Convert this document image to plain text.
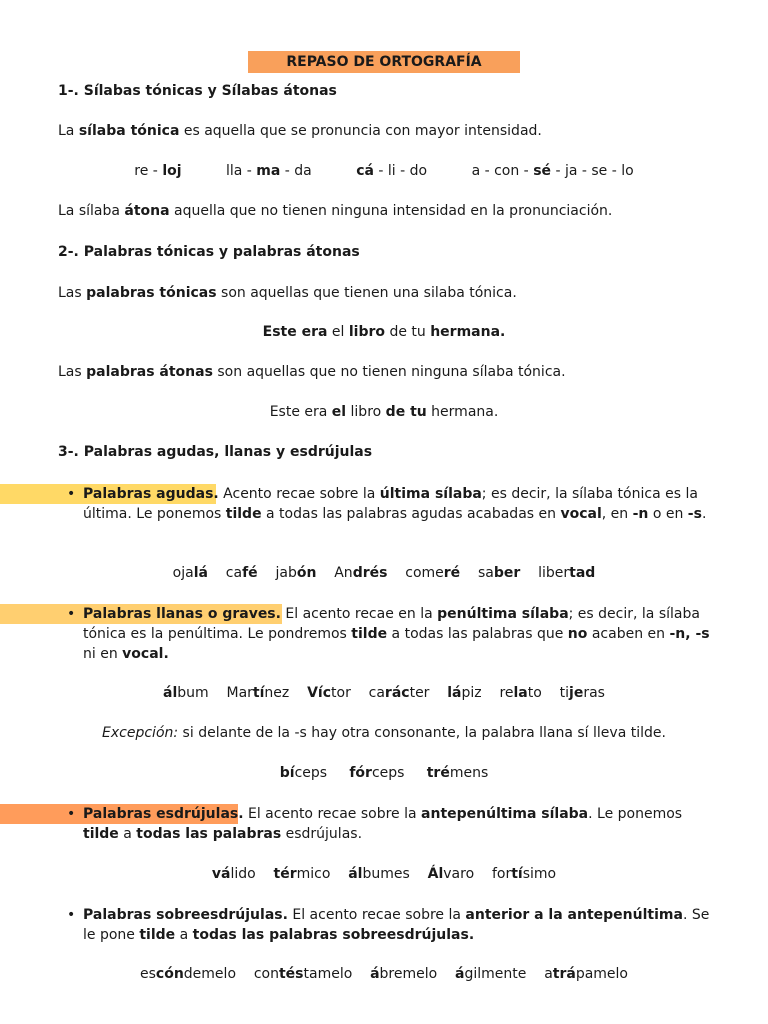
REPASO DE ORTOGRAFÍA
1-. Sílabas tónicas y Sílabas átonas
La sílaba tónica es aquella que se pronuncia con mayor intensidad.
re - loj	lla - ma - da	cá - li - do	a - con - sé - ja - se - lo
La sílaba átona aquella que no tienen ninguna intensidad en la pronunciación.
2-. Palabras tónicas y palabras átonas
Las palabras tónicas son aquellas que tienen una silaba tónica.
Este era el libro de tu hermana.
Las palabras átonas son aquellas que no tienen ninguna sílaba tónica.
Este era el libro de tu hermana.
3-. Palabras agudas, llanas y esdrújulas
• Palabras agudas. Acento recae sobre la última sílaba; es decir, la sílaba tónica es la última. Le ponemos tilde a todas las palabras agudas acabadas en vocal, en -n o en -s.
ojalá café jabón Andrés comeré saber libertad
• Palabras llanas o graves. El acento recae en la penúltima sílaba; es decir, la sílaba tónica es la penúltima. Le pondremos tilde a todas las palabras que no acaben en -n, -s ni en vocal.
álbum Martínez Víctor carácter lápiz relato tijeras
Excepción: si delante de la -s hay otra consonante, la palabra llana sí lleva tilde.
bíceps fórceps trémens
• Palabras esdrújulas. El acento recae sobre la antepenúltima sílaba. Le ponemos tilde a todas las palabras esdrújulas.
válido térmico álbumes Álvaro fortísimo
• Palabras sobreesdrújulas. El acento recae sobre la anterior a la antepenúltima. Se le pone tilde a todas las palabras sobreesdrújulas.
escóndemelo contéstamelo ábremelo ágilmente atrápamelo
